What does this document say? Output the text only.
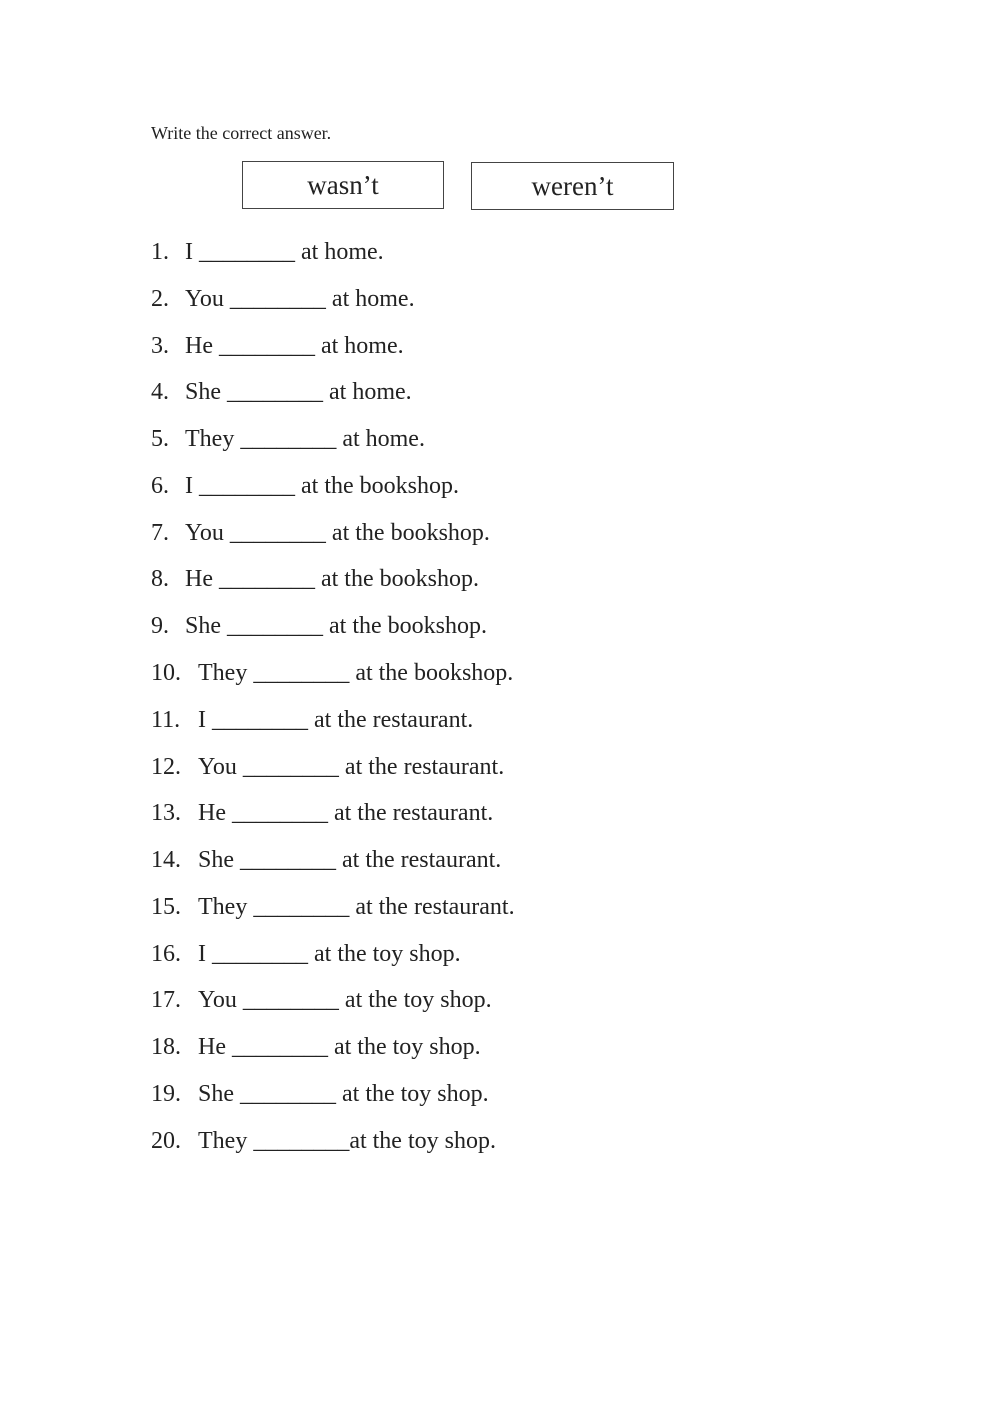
Write the correct answer.
wasn’t	weren’t

1. I ________ at home.

2. You ________ at home.

3. He ________ at home.

4. She ________ at home.

5. They ________ at home.

6. I ________ at the bookshop.

7. You ________ at the bookshop.

8. He ________ at the bookshop.

9. She ________ at the bookshop.

10. They ________ at the bookshop.

11. I ________ at the restaurant.

12. You ________ at the restaurant.

13. He ________ at the restaurant.

14. She ________ at the restaurant.

15. They ________ at the restaurant.

16. I ________ at the toy shop.

17. You ________ at the toy shop.

18. He ________ at the toy shop.

19. She ________ at the toy shop.

20. They ________at the toy shop.
